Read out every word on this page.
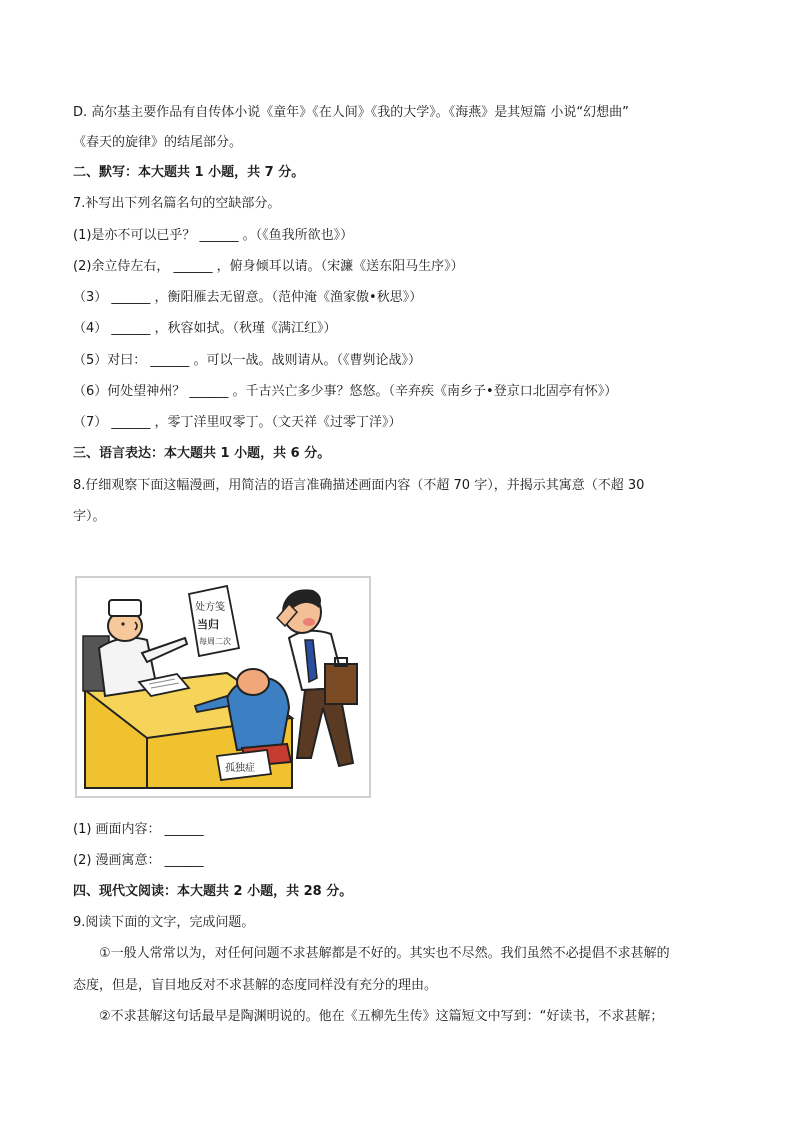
D. 高尔基主要作品有自传体小说《童年》《在人间》《我的大学》。《海燕》是其短篇 小说“幻想曲”
《春天的旋律》的结尾部分。
二、默写：本大题共 1 小题，共 7 分。
7.补写出下列名篇名句的空缺部分。
(1)是亦不可以已乎？ ______ 。（《鱼我所欲也》）
(2)余立侍左右， ______ ，俯身倾耳以请。（宋濂《送东阳马生序》）
（3） ______ ，衡阳雁去无留意。（范仲淹《渔家傲•秋思》）
（4） ______ ，秋容如拭。（秋瑾《满江红》）
（5）对曰： ______ 。可以一战。战则请从。（《曹刿论战》）
（6）何处望神州？ ______ 。千古兴亡多少事？悠悠。（辛弃疾《南乡子•登京口北固亭有怀》）
（7） ______ ，零丁洋里叹零丁。（文天祥《过零丁洋》）
三、语言表达：本大题共 1 小题，共 6 分。
8.仔细观察下面这幅漫画，用简洁的语言准确描述画面内容（不超 70 字），并揭示其寓意（不超 30
字）。
处方笺
当归
每周二次
孤独症
(1) 画面内容： ______
(2) 漫画寓意： ______
四、现代文阅读：本大题共 2 小题，共 28 分。
9.阅读下面的文字，完成问题。
①一般人常常以为，对任何问题不求甚解都是不好的。其实也不尽然。我们虽然不必提倡不求甚解的
态度，但是，盲目地反对不求甚解的态度同样没有充分的理由。
②不求甚解这句话最早是陶渊明说的。他在《五柳先生传》这篇短文中写到：“好读书，不求甚解；
